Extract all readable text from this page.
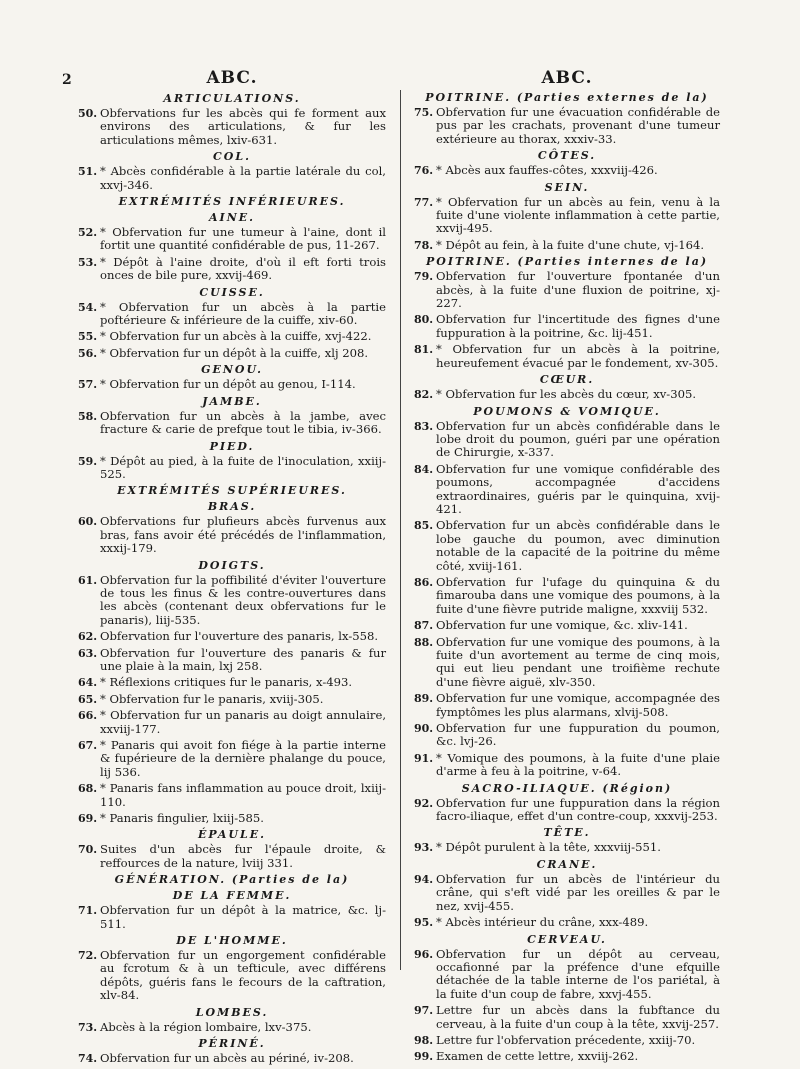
2	ABC.
ARTICULATIONS.
50. Obfervations fur les abcès qui fe forment aux environs des articulations, & fur les articulations mêmes, lxiv-631.
COL.
51. * Abcès confidérable à la partie latérale du col, xxvj-346.
EXTRÉMITÉS INFÉRIEURES.
AINE.
52. * Obfervation fur une tumeur à l'aine, dont il fortit une quantité confidérable de pus, 11-267.
53. * Dépôt à l'aine droite, d'où il eft forti trois onces de bile pure, xxvij-469.
CUISSE.
54. * Obfervation fur un abcès à la partie poftérieure & inférieure de la cuiffe, xiv-60.
55. * Obfervation fur un abcès à la cuiffe, xvj-422.
56. * Obfervation fur un dépôt à la cuiffe, xlj 208.
GENOU.
57. * Obfervation fur un dépôt au genou, I-114.
JAMBE.
58. Obfervation fur un abcès à la jambe, avec fracture & carie de prefque tout le tibia, iv-366.
PIED.
59. * Dépôt au pied, à la fuite de l'inoculation, xxiij-525.
EXTRÉMITÉS SUPÉRIEURES.
BRAS.
60. Obfervations fur plufieurs abcès furvenus aux bras, fans avoir été précédés de l'inflammation, xxxij-179.
DOIGTS.
61. Obfervation fur la poffibilité d'éviter l'ouverture de tous les finus & les contre-ouvertures dans les abcès (contenant deux obfervations fur le panaris), liij-535.
62. Obfervation fur l'ouverture des panaris, lx-558.
63. Obfervation fur l'ouverture des panaris & fur une plaie à la main, lxj 258.
64. * Réflexions critiques fur le panaris, x-493.
65. * Obfervation fur le panaris, xviij-305.
66. * Obfervation fur un panaris au doigt annulaire, xxviij-177.
67. * Panaris qui avoit fon fiége à la partie interne & fupérieure de la dernière phalange du pouce, lij 536.
68. * Panaris fans inflammation au pouce droit, lxiij-110.
69. * Panaris fingulier, lxiij-585.
ÉPAULE.
70. Suites d'un abcès fur l'épaule droite, & reffources de la nature, lviij 331.
GÉNÉRATION. (Parties de la)
DE LA FEMME.
71. Obfervation fur un dépôt à la matrice, &c. lj-511.
DE L'HOMME.
72. Obfervation fur un engorgement confidérable au fcrotum & à un tefticule, avec différens dépôts, guéris fans le fecours de la caftration, xlv-84.
LOMBES.
73. Abcès à la région lombaire, lxv-375.
PÉRINÉ.
74. Obfervation fur un abcès au périné, iv-208.
ABC.
POITRINE. (Parties externes de la)
75. Obfervation fur une évacuation confidérable de pus par les crachats, provenant d'une tumeur extérieure au thorax, xxxiv-33.
CÔTES.
76. * Abcès aux fauffes-côtes, xxxviij-426.
SEIN.
77. * Obfervation fur un abcès au fein, venu à la fuite d'une violente inflammation à cette partie, xxvij-495.
78. * Dépôt au fein, à la fuite d'une chute, vj-164.
POITRINE. (Parties internes de la)
79. Obfervation fur l'ouverture fpontanée d'un abcès, à la fuite d'une fluxion de poitrine, xj-227.
80. Obfervation fur l'incertitude des fignes d'une fuppuration à la poitrine, &c. lij-451.
81. * Obfervation fur un abcès à la poitrine, heureufement évacué par le fondement, xv-305.
CŒUR.
82. * Obfervation fur les abcès du cœur, xv-305.
POUMONS & VOMIQUE.
83. Obfervation fur un abcès confidérable dans le lobe droit du poumon, guéri par une opération de Chirurgie, x-337.
84. Obfervation fur une vomique confidérable des poumons, accompagnée d'accidens extraordinaires, guéris par le quinquina, xvij-421.
85. Obfervation fur un abcès confidérable dans le lobe gauche du poumon, avec diminution notable de la capacité de la poitrine du même côté, xviij-161.
86. Obfervation fur l'ufage du quinquina & du fimarouba dans une vomique des poumons, à la fuite d'une fièvre putride maligne, xxxviij 532.
87. Obfervation fur une vomique, &c. xliv-141.
88. Obfervation fur une vomique des poumons, à la fuite d'un avortement au terme de cinq mois, qui eut lieu pendant une troifième rechute d'une fièvre aiguë, xlv-350.
89. Obfervation fur une vomique, accompagnée des fymptômes les plus alarmans, xlvij-508.
90. Obfervation fur une fuppuration du poumon, &c. lvj-26.
91. * Vomique des poumons, à la fuite d'une plaie d'arme à feu à la poitrine, v-64.
SACRO-ILIAQUE. (Région)
92. Obfervation fur une fuppuration dans la région facro-iliaque, effet d'un contre-coup, xxxvij-253.
TÊTE.
93. * Dépôt purulent à la tête, xxxviij-551.
CRANE.
94. Obfervation fur un abcès de l'intérieur du crâne, qui s'eft vidé par les oreilles & par le nez, xvij-455.
95. * Abcès intérieur du crâne, xxx-489.
CERVEAU.
96. Obfervation fur un dépôt au cerveau, occafionné par la préfence d'une efquille détachée de la table interne de l'os pariétal, à la fuite d'un coup de fabre, xxvj-455.
97. Lettre fur un abcès dans la fubftance du cerveau, à la fuite d'un coup à la tête, xxvij-257.
98. Lettre fur l'obfervation précedente, xxiij-70.
99. Examen de cette lettre, xxviij-262.
